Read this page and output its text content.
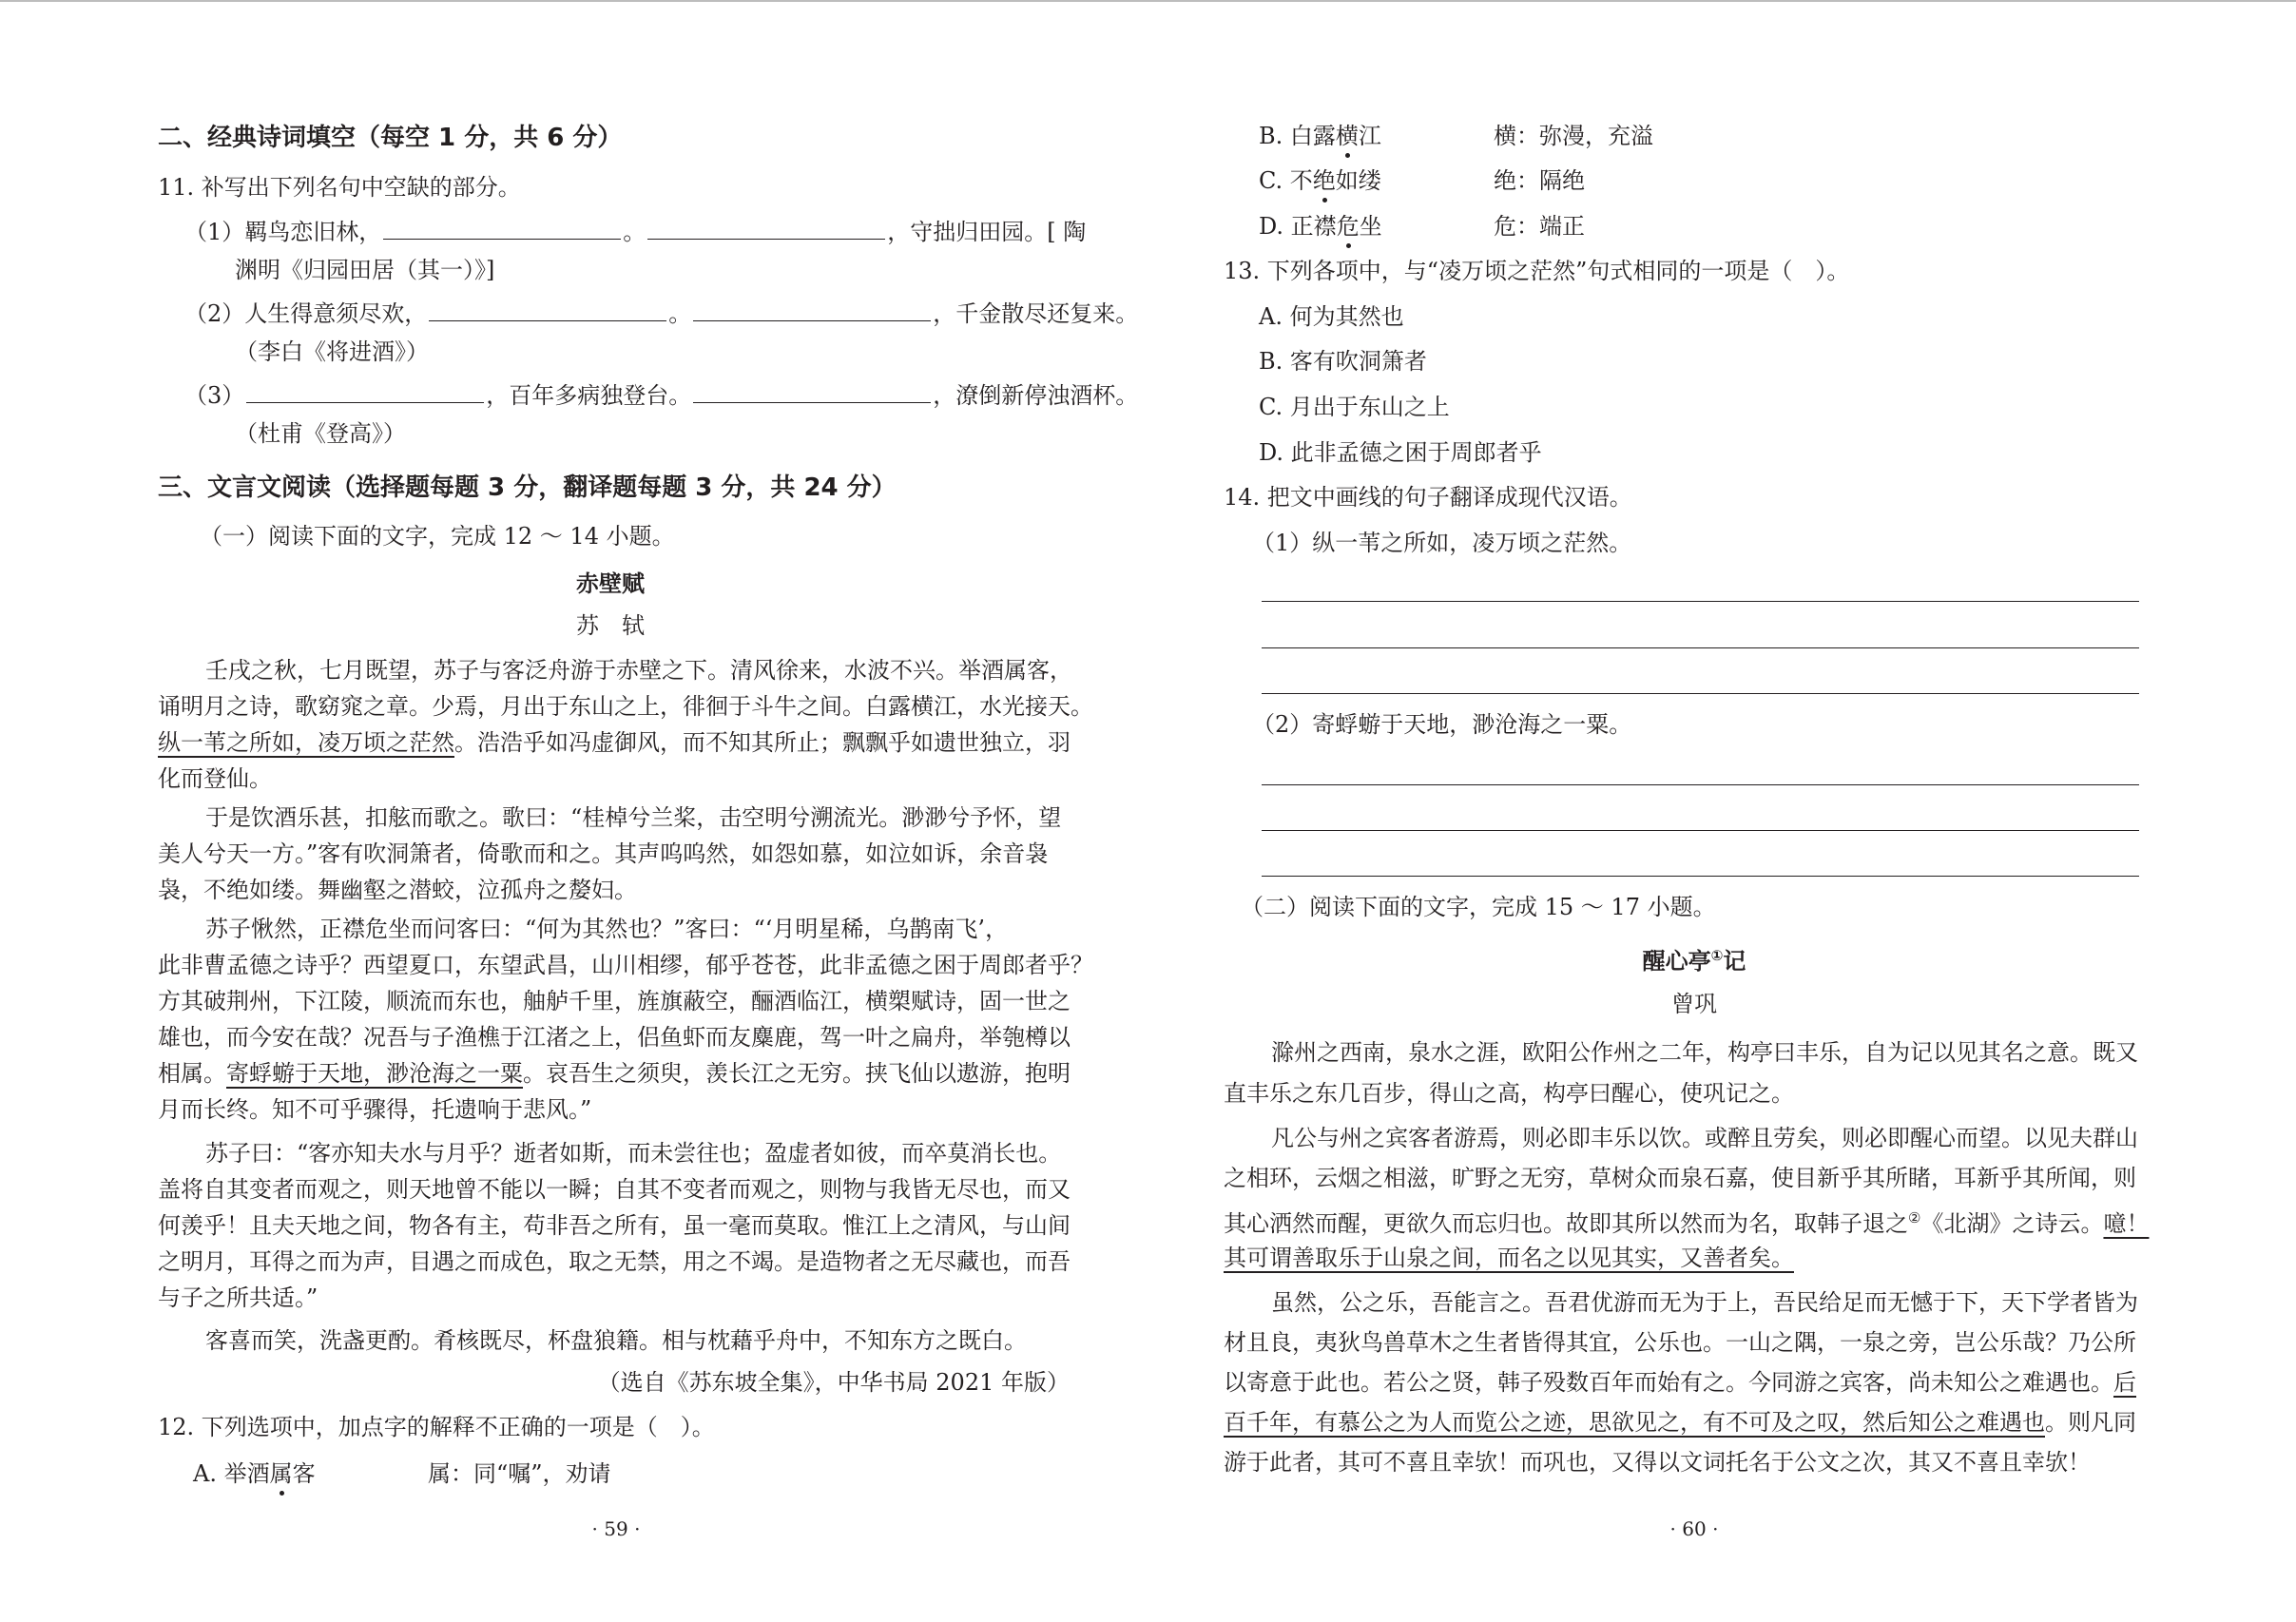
二、经典诗词填空（每空 1 分，共 6 分）
11. 补写出下列名句中空缺的部分。
（1）羁鸟恋旧林，	。	，守拙归田园。[ 陶
渊明《归园田居（其一）》]
（2）人生得意须尽欢，	。	，千金散尽还复来。
（李白《将进酒》）
（3）	，百年多病独登台。	，潦倒新停浊酒杯。
（杜甫《登高》）
三、文言文阅读（选择题每题 3 分，翻译题每题 3 分，共 24 分）
（一）阅读下面的文字，完成 12 ～ 14 小题。
赤壁赋
苏　轼
壬戌之秋，七月既望，苏子与客泛舟游于赤壁之下。清风徐来，水波不兴。举酒属客，
诵明月之诗，歌窈窕之章。少焉，月出于东山之上，徘徊于斗牛之间。白露横江，水光接天。
纵一苇之所如，凌万顷之茫然。浩浩乎如冯虚御风，而不知其所止；飘飘乎如遗世独立，羽
化而登仙。
于是饮酒乐甚，扣舷而歌之。歌曰：“桂棹兮兰桨，击空明兮溯流光。渺渺兮予怀，望
美人兮天一方。”客有吹洞箫者，倚歌而和之。其声呜呜然，如怨如慕，如泣如诉，余音袅
袅，不绝如缕。舞幽壑之潜蛟，泣孤舟之嫠妇。
苏子愀然，正襟危坐而问客曰：“何为其然也？”客曰：“‘月明星稀，乌鹊南飞’，
此非曹孟德之诗乎？西望夏口，东望武昌，山川相缪，郁乎苍苍，此非孟德之困于周郎者乎？
方其破荆州，下江陵，顺流而东也，舳舻千里，旌旗蔽空，酾酒临江，横槊赋诗，固一世之
雄也，而今安在哉？况吾与子渔樵于江渚之上，侣鱼虾而友麋鹿，驾一叶之扁舟，举匏樽以
相属。寄蜉蝣于天地，渺沧海之一粟。哀吾生之须臾，羡长江之无穷。挟飞仙以遨游，抱明
月而长终。知不可乎骤得，托遗响于悲风。”
苏子曰：“客亦知夫水与月乎？逝者如斯，而未尝往也；盈虚者如彼，而卒莫消长也。
盖将自其变者而观之，则天地曾不能以一瞬；自其不变者而观之，则物与我皆无尽也，而又
何羡乎！且夫天地之间，物各有主，苟非吾之所有，虽一毫而莫取。惟江上之清风，与山间
之明月，耳得之而为声，目遇之而成色，取之无禁，用之不竭。是造物者之无尽藏也，而吾
与子之所共适。”
客喜而笑，洗盏更酌。肴核既尽，杯盘狼籍。相与枕藉乎舟中，不知东方之既白。
（选自《苏东坡全集》，中华书局 2021 年版）
12. 下列选项中，加点字的解释不正确的一项是（　）。
A. 举酒属客	属：同“嘱”，劝请
· 59 ·
B. 白露横江	横：弥漫，充溢
C. 不绝如缕	绝：隔绝
D. 正襟危坐	危：端正
13. 下列各项中，与“凌万顷之茫然”句式相同的一项是（　）。
A. 何为其然也
B. 客有吹洞箫者
C. 月出于东山之上
D. 此非孟德之困于周郎者乎
14. 把文中画线的句子翻译成现代汉语。
（1）纵一苇之所如，凌万顷之茫然。
（2）寄蜉蝣于天地，渺沧海之一粟。
（二）阅读下面的文字，完成 15 ～ 17 小题。
醒心亭①记
曾巩
滁州之西南，泉水之涯，欧阳公作州之二年，构亭曰丰乐，自为记以见其名之意。既又
直丰乐之东几百步，得山之高，构亭曰醒心，使巩记之。
凡公与州之宾客者游焉，则必即丰乐以饮。或醉且劳矣，则必即醒心而望。以见夫群山
之相环，云烟之相滋，旷野之无穷，草树众而泉石嘉，使目新乎其所睹，耳新乎其所闻，则
其心洒然而醒，更欲久而忘归也。故即其所以然而为名，取韩子退之②《北湖》之诗云。噫！
其可谓善取乐于山泉之间，而名之以见其实，又善者矣。
虽然，公之乐，吾能言之。吾君优游而无为于上，吾民给足而无憾于下，天下学者皆为
材且良，夷狄鸟兽草木之生者皆得其宜，公乐也。一山之隅，一泉之旁，岂公乐哉？乃公所
以寄意于此也。若公之贤，韩子殁数百年而始有之。今同游之宾客，尚未知公之难遇也。后
百千年，有慕公之为人而览公之迹，思欲见之，有不可及之叹，然后知公之难遇也。则凡同
游于此者，其可不喜且幸欤！而巩也，又得以文词托名于公文之次，其又不喜且幸欤！
· 60 ·
